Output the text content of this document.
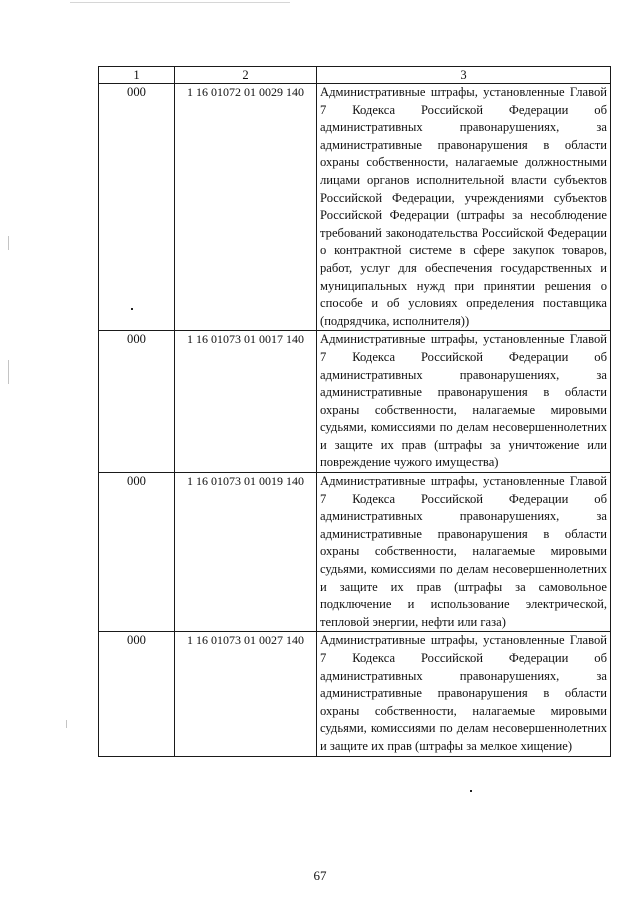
1	2	3
000	1 16 01072 01 0029 140	Административные штрафы, установленные Главой 7 Кодекса Российской Федерации об административных правонарушениях, за административные правонарушения в области охраны собственности, налагаемые должностными лицами органов исполнительной власти субъектов Российской Федерации, учреждениями субъектов Российской Федерации (штрафы за несоблюдение требований законодательства Российской Федерации о контрактной системе в сфере закупок товаров, работ, услуг для обеспечения государственных и муниципальных нужд при принятии решения о способе и об условиях определения поставщика (подрядчика, исполнителя))
000	1 16 01073 01 0017 140	Административные штрафы, установленные Главой 7 Кодекса Российской Федерации об административных правонарушениях, за административные правонарушения в области охраны собственности, налагаемые мировыми судьями, комиссиями по делам несовершеннолетних и защите их прав (штрафы за уничтожение или повреждение чужого имущества)
000	1 16 01073 01 0019 140	Административные штрафы, установленные Главой 7 Кодекса Российской Федерации об административных правонарушениях, за административные правонарушения в области охраны собственности, налагаемые мировыми судьями, комиссиями по делам несовершеннолетних и защите их прав (штрафы за самовольное подключение и использование электрической, тепловой энергии, нефти или газа)
000	1 16 01073 01 0027 140	Административные штрафы, установленные Главой 7 Кодекса Российской Федерации об административных правонарушениях, за административные правонарушения в области охраны собственности, налагаемые мировыми судьями, комиссиями по делам несовершеннолетних и защите их прав (штрафы за мелкое хищение)
67
